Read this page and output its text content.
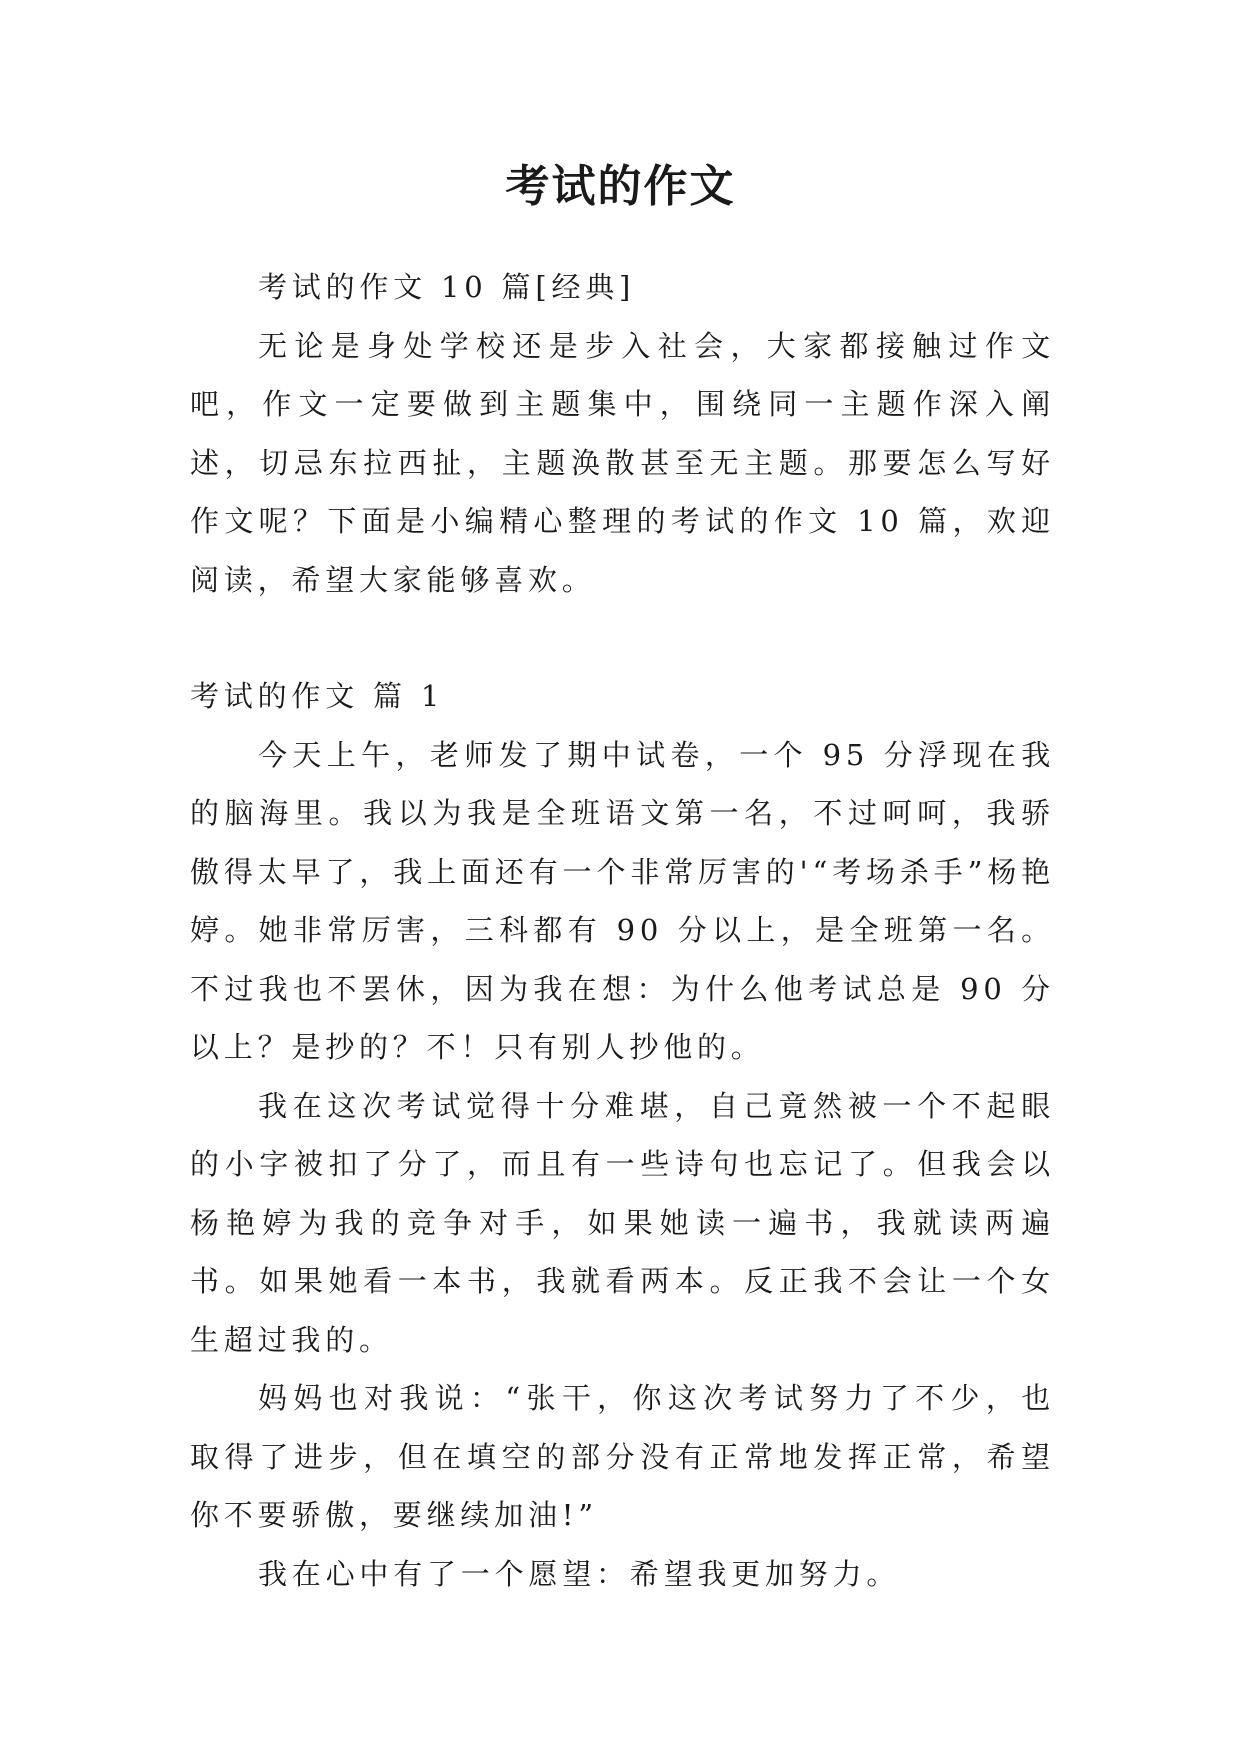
考试的作文

考试的作文 10 篇[经典]

无论是身处学校还是步入社会，大家都接触过作文吧，作文一定要做到主题集中，围绕同一主题作深入阐述，切忌东拉西扯，主题涣散甚至无主题。那要怎么写好作文呢？下面是小编精心整理的考试的作文 10 篇，欢迎阅读，希望大家能够喜欢。

考试的作文 篇 1

今天上午，老师发了期中试卷，一个 95 分浮现在我的脑海里。我以为我是全班语文第一名，不过呵呵，我骄傲得太早了，我上面还有一个非常厉害的'“考场杀手”杨艳婷。她非常厉害，三科都有 90 分以上，是全班第一名。不过我也不罢休，因为我在想：为什么他考试总是 90 分以上？是抄的？不！只有别人抄他的。

我在这次考试觉得十分难堪，自己竟然被一个不起眼的小字被扣了分了，而且有一些诗句也忘记了。但我会以杨艳婷为我的竞争对手，如果她读一遍书，我就读两遍书。如果她看一本书，我就看两本。反正我不会让一个女生超过我的。

妈妈也对我说：“张干，你这次考试努力了不少，也取得了进步，但在填空的部分没有正常地发挥正常，希望你不要骄傲，要继续加油!”

我在心中有了一个愿望：希望我更加努力。
